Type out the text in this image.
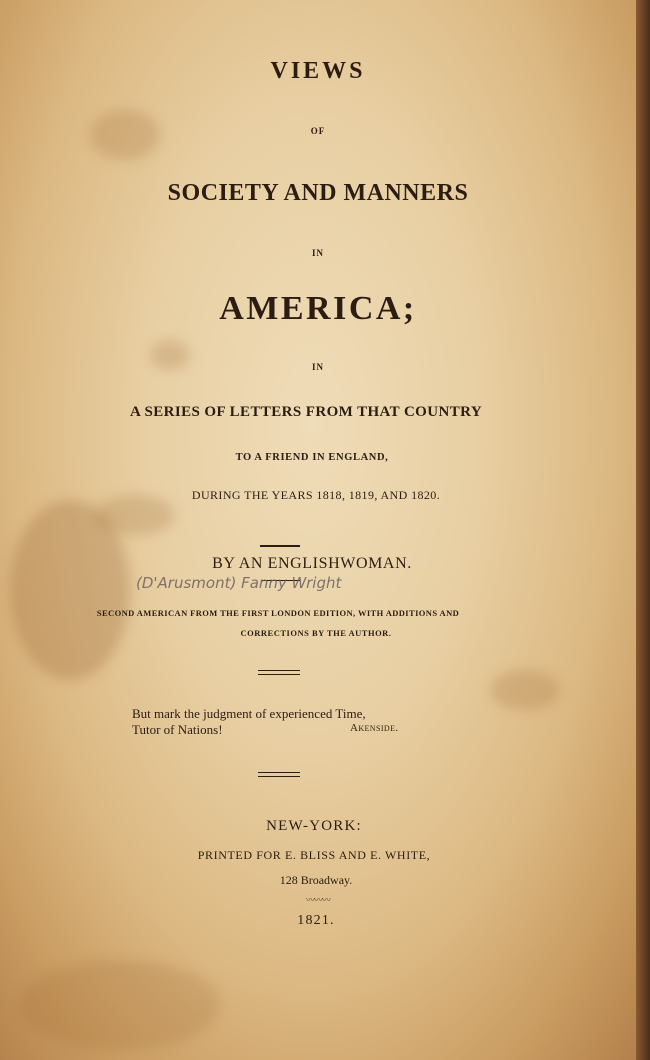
VIEWS
OF
SOCIETY AND MANNERS
IN
AMERICA;
IN
A SERIES OF LETTERS FROM THAT COUNTRY
TO A FRIEND IN ENGLAND,
DURING THE YEARS 1818, 1819, AND 1820.
BY AN ENGLISHWOMAN.
(D'Arusmont) Fanny Wright
SECOND AMERICAN FROM THE FIRST LONDON EDITION, WITH ADDITIONS AND
CORRECTIONS BY THE AUTHOR.
But mark the judgment of experienced Time,
Tutor of Nations!	Akenside.
NEW-YORK:
PRINTED FOR E. BLISS AND E. WHITE,
128 Broadway.
〰〰〰
1821.
